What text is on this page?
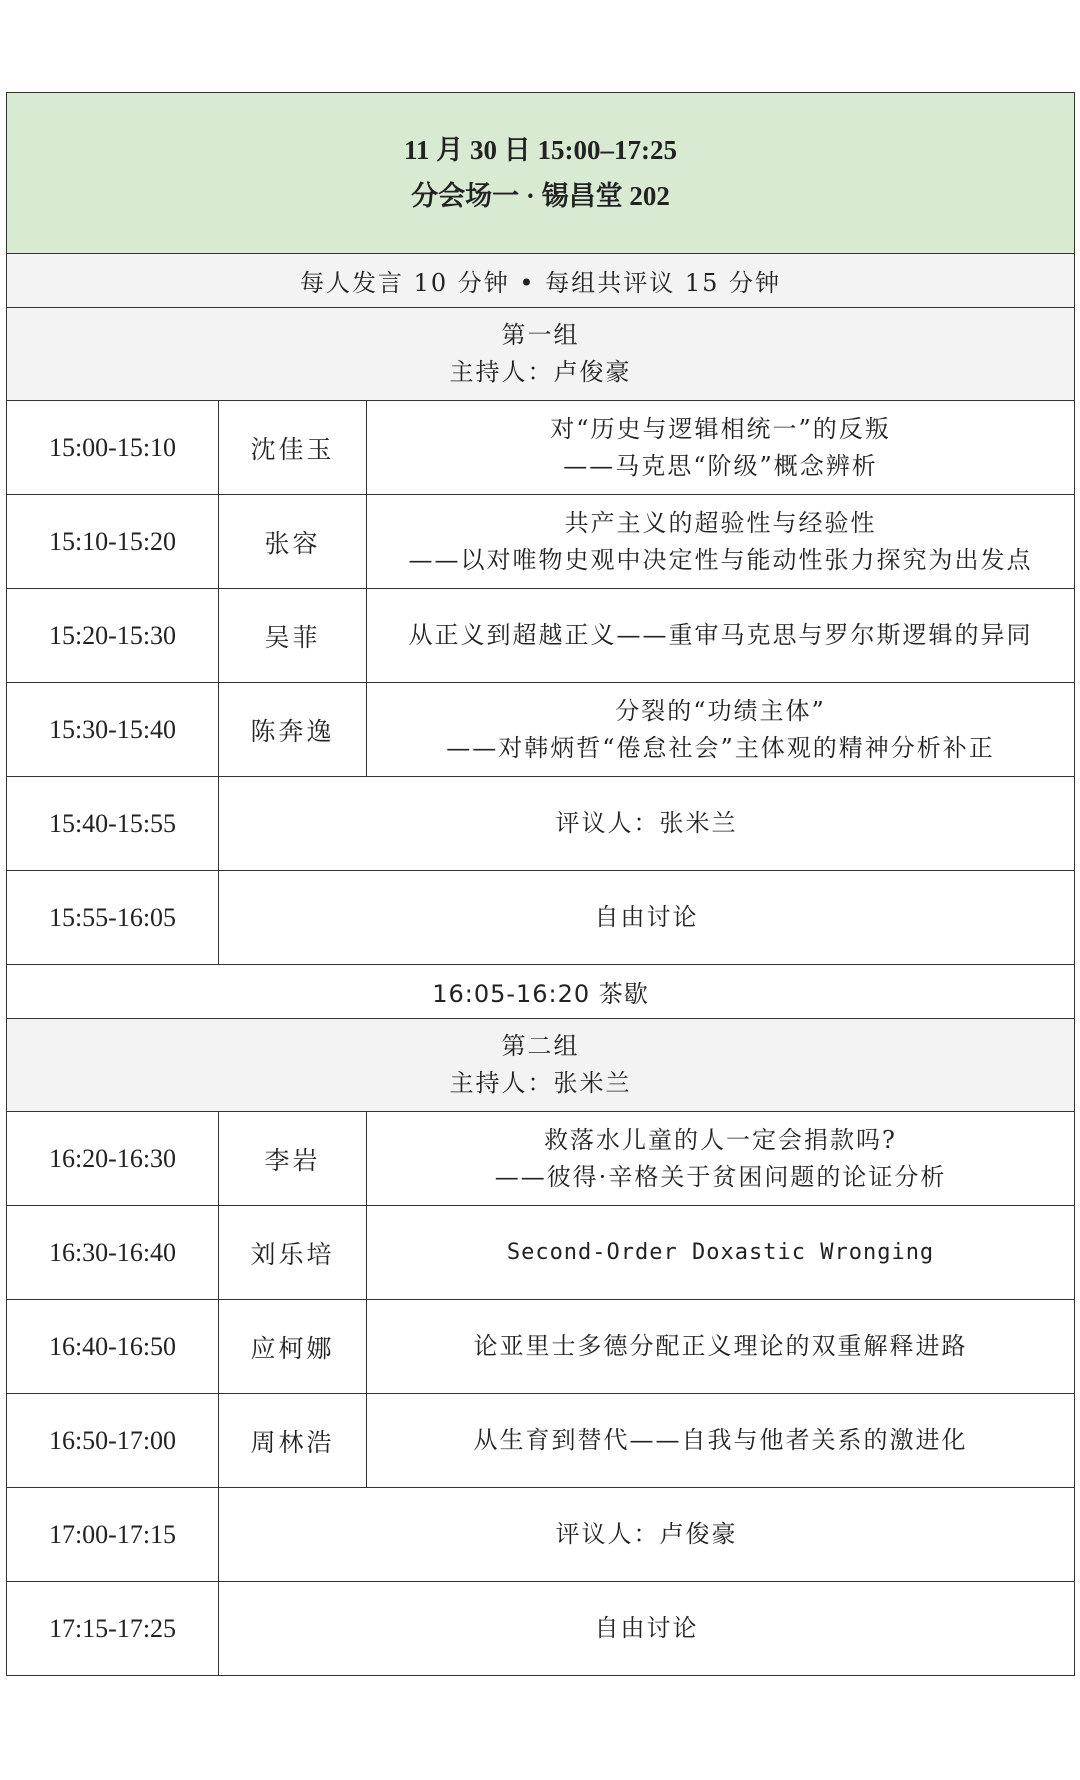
11 月 30 日 15:00–17:25
分会场一 · 锡昌堂 202		

每人发言 10 分钟 • 每组共评议 15 分钟		

第一组
主持人：卢俊豪		

15:00-15:10	沈佳玉	对“历史与逻辑相统一”的反叛
——马克思“阶级”概念辨析

15:10-15:20	张容	共产主义的超验性与经验性
——以对唯物史观中决定性与能动性张力探究为出发点

15:20-15:30	吴菲	从正义到超越正义——重审马克思与罗尔斯逻辑的异同

15:30-15:40	陈奔逸	分裂的“功绩主体”
——对韩炳哲“倦怠社会”主体观的精神分析补正

15:40-15:55	评议人：张米兰	
15:55-16:05	自由讨论	
16:05-16:20 茶歇		

第二组
主持人：张米兰		

16:20-16:30	李岩	救落水儿童的人一定会捐款吗?
——彼得·辛格关于贫困问题的论证分析

16:30-16:40	刘乐培	Second-Order Doxastic Wronging

16:40-16:50	应柯娜	论亚里士多德分配正义理论的双重解释进路

16:50-17:00	周林浩	从生育到替代——自我与他者关系的激进化

17:00-17:15	评议人：卢俊豪	
17:15-17:25	自由讨论	
